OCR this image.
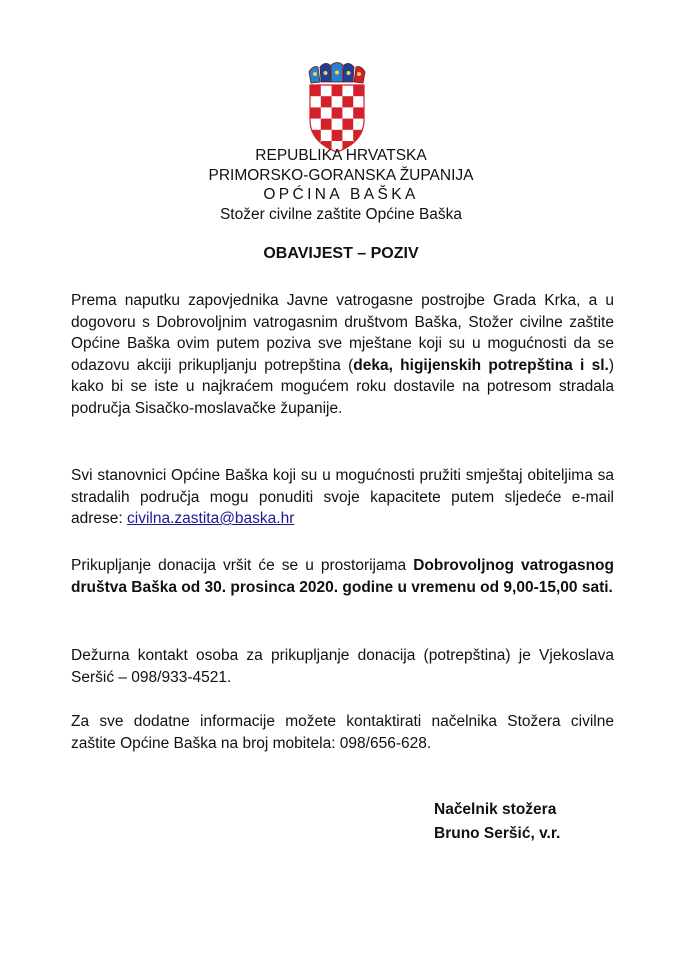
REPUBLIKA HRVATSKA
PRIMORSKO-GORANSKA ŽUPANIJA
OPĆINA BAŠKA
Stožer civilne zaštite Općine Baška
OBAVIJEST – POZIV

Prema naputku zapovjednika Javne vatrogasne postrojbe Grada Krka, a u dogovoru s Dobrovoljnim vatrogasnim društvom Baška, Stožer civilne zaštite Općine Baška ovim putem poziva sve mještane koji su u mogućnosti da se odazovu akciji prikupljanju potrepština (deka, higijenskih potrepština i sl.) kako bi se iste u najkraćem mogućem roku dostavile na potresom stradala područja Sisačko-moslavačke županije.

Svi stanovnici Općine Baška koji su u mogućnosti pružiti smještaj obiteljima sa stradalih područja mogu ponuditi svoje kapacitete putem sljedeće e-mail adrese: civilna.zastita@baska.hr

Prikupljanje donacija vršit će se u prostorijama Dobrovoljnog vatrogasnog društva Baška od 30. prosinca 2020. godine u vremenu od 9,00-15,00 sati.

Dežurna kontakt osoba za prikupljanje donacija (potrepština) je Vjekoslava Seršić – 098/933-4521.

Za sve dodatne informacije možete kontaktirati načelnika Stožera civilne zaštite Općine Baška na broj mobitela: 098/656-628.

Načelnik stožera
Bruno Seršić, v.r.
